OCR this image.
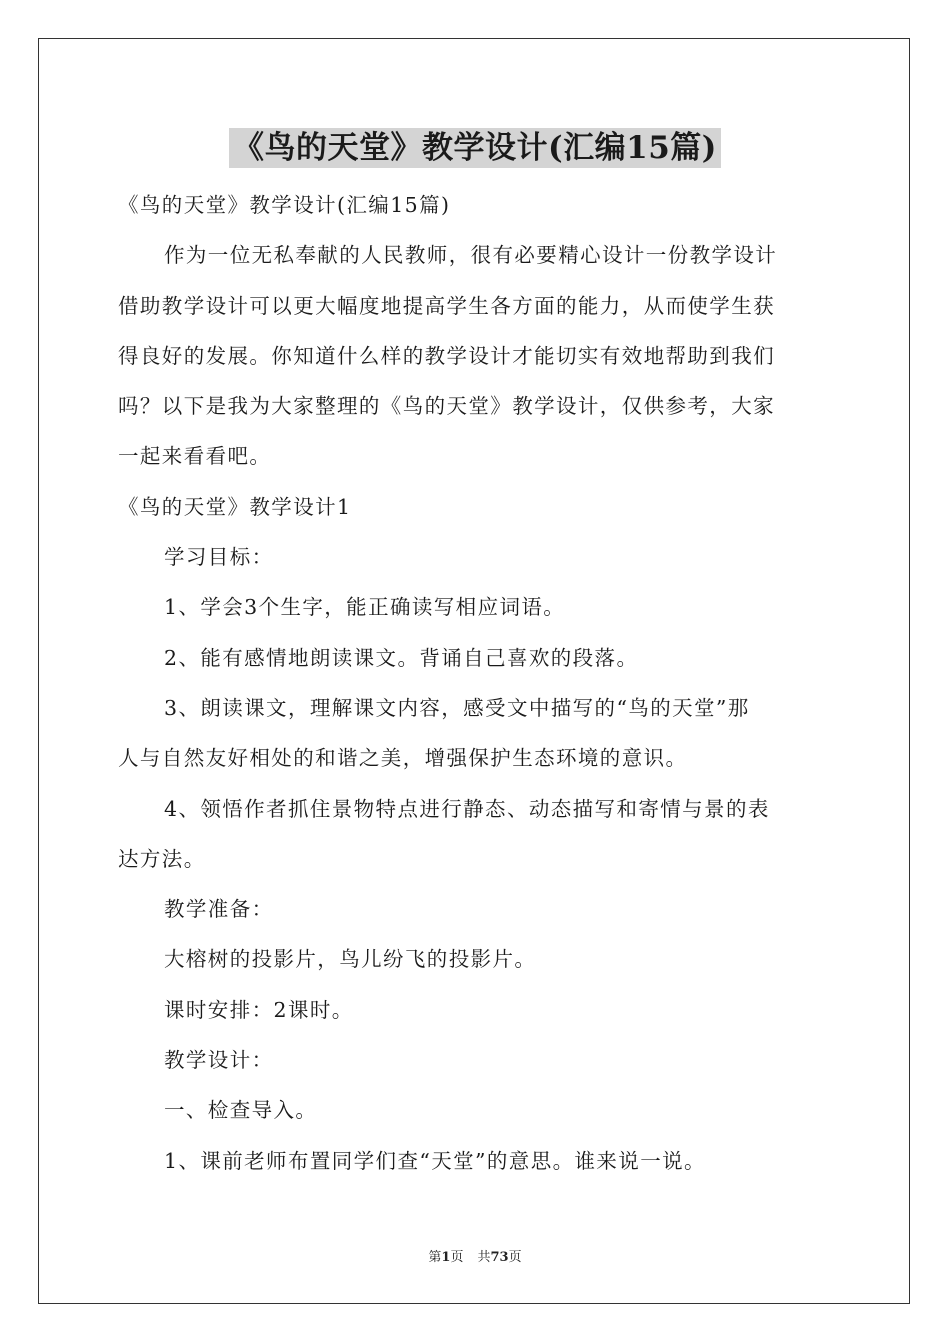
《鸟的天堂》教学设计(汇编15篇)
《鸟的天堂》教学设计(汇编15篇)
作为一位无私奉献的人民教师，很有必要精心设计一份教学设计
借助教学设计可以更大幅度地提高学生各方面的能力，从而使学生获
得良好的发展。你知道什么样的教学设计才能切实有效地帮助到我们
吗？以下是我为大家整理的《鸟的天堂》教学设计，仅供参考，大家
一起来看看吧。
《鸟的天堂》教学设计1
学习目标：
1、学会3个生字，能正确读写相应词语。
2、能有感情地朗读课文。背诵自己喜欢的段落。
3、朗读课文，理解课文内容，感受文中描写的“鸟的天堂”那
人与自然友好相处的和谐之美，增强保护生态环境的意识。
4、领悟作者抓住景物特点进行静态、动态描写和寄情与景的表
达方法。
教学准备：
大榕树的投影片，鸟儿纷飞的投影片。
课时安排：2课时。
教学设计：
一、检查导入。
1、课前老师布置同学们查“天堂”的意思。谁来说一说。
第1页 共73页
